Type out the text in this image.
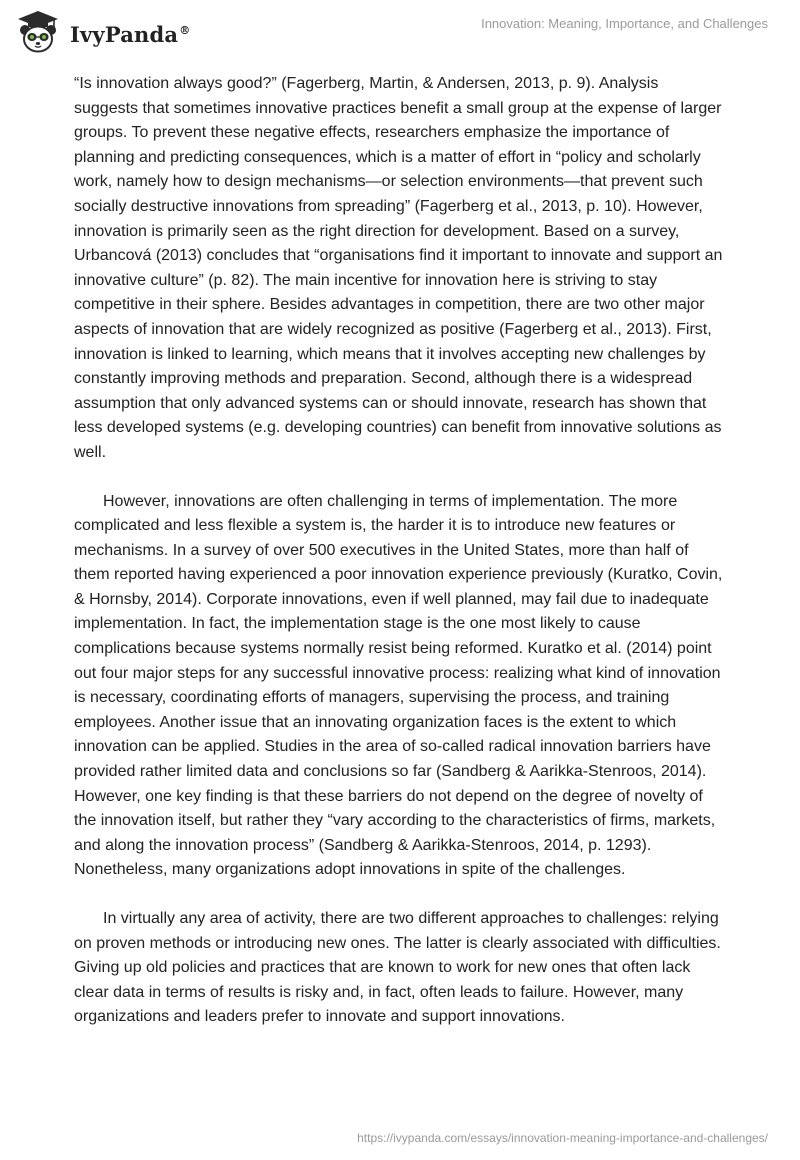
IvyPanda®	Innovation: Meaning, Importance, and Challenges

“Is innovation always good?” (Fagerberg, Martin, & Andersen, 2013, p. 9). Analysis suggests that sometimes innovative practices benefit a small group at the expense of larger groups. To prevent these negative effects, researchers emphasize the importance of planning and predicting consequences, which is a matter of effort in “policy and scholarly work, namely how to design mechanisms—or selection environments—that prevent such socially destructive innovations from spreading” (Fagerberg et al., 2013, p. 10). However, innovation is primarily seen as the right direction for development. Based on a survey, Urbancová (2013) concludes that “organisations find it important to innovate and support an innovative culture” (p. 82). The main incentive for innovation here is striving to stay competitive in their sphere. Besides advantages in competition, there are two other major aspects of innovation that are widely recognized as positive (Fagerberg et al., 2013). First, innovation is linked to learning, which means that it involves accepting new challenges by constantly improving methods and preparation. Second, although there is a widespread assumption that only advanced systems can or should innovate, research has shown that less developed systems (e.g. developing countries) can benefit from innovative solutions as well.

However, innovations are often challenging in terms of implementation. The more complicated and less flexible a system is, the harder it is to introduce new features or mechanisms. In a survey of over 500 executives in the United States, more than half of them reported having experienced a poor innovation experience previously (Kuratko, Covin, & Hornsby, 2014). Corporate innovations, even if well planned, may fail due to inadequate implementation. In fact, the implementation stage is the one most likely to cause complications because systems normally resist being reformed. Kuratko et al. (2014) point out four major steps for any successful innovative process: realizing what kind of innovation is necessary, coordinating efforts of managers, supervising the process, and training employees. Another issue that an innovating organization faces is the extent to which innovation can be applied. Studies in the area of so-called radical innovation barriers have provided rather limited data and conclusions so far (Sandberg & Aarikka-Stenroos, 2014). However, one key finding is that these barriers do not depend on the degree of novelty of the innovation itself, but rather they “vary according to the characteristics of firms, markets, and along the innovation process” (Sandberg & Aarikka-Stenroos, 2014, p. 1293). Nonetheless, many organizations adopt innovations in spite of the challenges.

In virtually any area of activity, there are two different approaches to challenges: relying on proven methods or introducing new ones. The latter is clearly associated with difficulties. Giving up old policies and practices that are known to work for new ones that often lack clear data in terms of results is risky and, in fact, often leads to failure. However, many organizations and leaders prefer to innovate and support innovations.

https://ivypanda.com/essays/innovation-meaning-importance-and-challenges/
